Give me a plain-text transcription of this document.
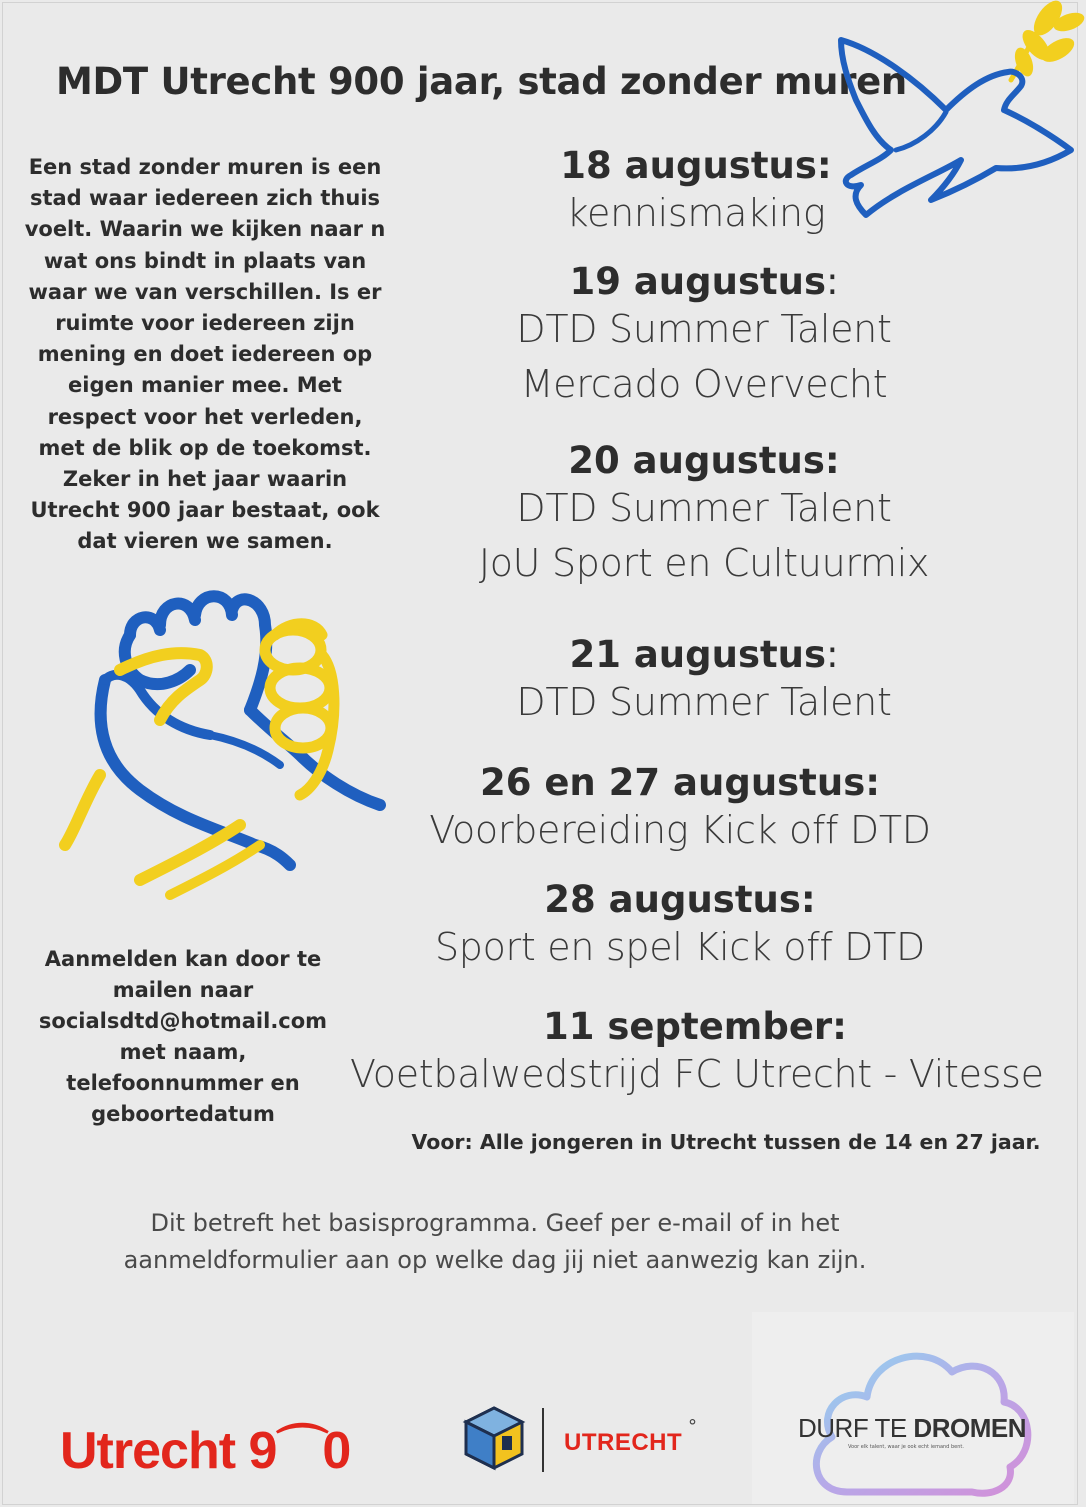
MDT Utrecht 900 jaar, stad zonder muren
Een stad zonder muren is een stad waar iedereen zich thuis voelt. Waarin we kijken naar n wat ons bindt in plaats van waar we van verschillen. Is er ruimte voor iedereen zijn mening en doet iedereen op eigen manier mee. Met respect voor het verleden, met de blik op de toekomst. Zeker in het jaar waarin Utrecht 900 jaar bestaat, ook dat vieren we samen.
Aanmelden kan door te
mailen naar
socialsdtd@hotmail.com
met naam,
telefoonnummer en
geboortedatum
18 augustus:
kennismaking
19 augustus:
DTD Summer Talent
Mercado Overvecht
20 augustus:
DTD Summer Talent
JoU Sport en Cultuurmix
21 augustus:
DTD Summer Talent
26 en 27 augustus:
Voorbereiding Kick off DTD
28 augustus:
Sport en spel Kick off DTD
11 september:
Voetbalwedstrijd FC Utrecht - Vitesse
Voor: Alle jongeren in Utrecht tussen de 14 en 27 jaar.
Dit betreft het basisprogramma. Geef per e-mail of in het
aanmeldformulier aan op welke dag jij niet aanwezig kan zijn.
Utrecht 9⌒0	UTRECHT
°	DURF TE DROMEN
Voor elk talent, waar je ook echt iemand bent.
